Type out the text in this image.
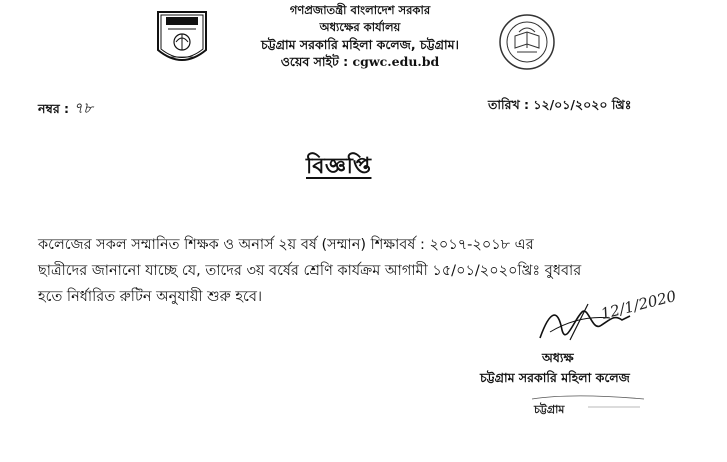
গণপ্রজাতন্ত্রী বাংলাদেশ সরকার
অধ্যক্ষের কার্যালয়
চট্টগ্রাম সরকারি মহিলা কলেজ, চট্টগ্রাম।
ওয়েব সাইট : cgwc.edu.bd
নম্বর : ৭৮	তারিখ : ১২/০১/২০২০ খ্রিঃ
বিজ্ঞপ্তি

কলেজের সকল সম্মানিত শিক্ষক ও অনার্স ২য় বর্ষ (সম্মান) শিক্ষাবর্ষ : ২০১৭-২০১৮ এর

ছাত্রীদের জানানো যাচ্ছে যে, তাদের ৩য় বর্ষের শ্রেণি কার্যক্রম আগামী ১৫/০১/২০২০খ্রিঃ বুধবার

হতে নির্ধারিত রুটিন অনুযায়ী শুরু হবে।	12/1/2020
অধ্যক্ষ
চট্টগ্রাম সরকারি মহিলা কলেজ
চট্টগ্রাম
